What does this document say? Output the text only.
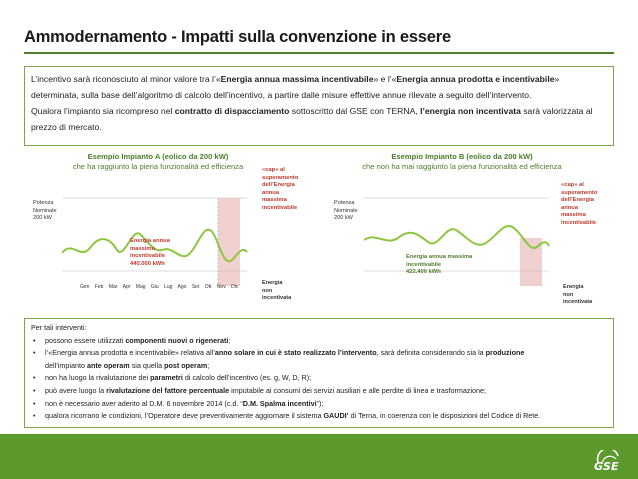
Ammodernamento - Impatti sulla convenzione in essere
L’incentivo sarà riconosciuto al minor valore tra l’«Energia annua massima incentivabile» e l’«Energia annua prodotta e incentivabile»
determinata, sulla base dell’algoritmo di calcolo dell’incentivo, a partire dalle misure effettive annue rilevate a seguito dell’intervento.
Qualora l’impianto sia ricompreso nel contratto di dispacciamento sottoscritto dal GSE con TERNA, l’energia non incentivata sarà valorizzata al
prezzo di mercato.
Esempio Impianto A (eolico da 200 kW)
che ha raggiunto la piena funzionalità ed efficienza
Potenza
Nominale
200 kW
Gen Feb Mar Apr Mag Giu Lug Ago Set Ott Nov Dic
Energia annua
massima
incentivabile
440.000 kWh
«cap» al
superamento
dell’Energia
annua
massima
incentivabile
Energia
non
incentivata
Esempio Impianto B (eolico da 200 kW)
che non ha mai raggiunto la piena funzionalità ed efficienza
Potenza
Nominale
200 kW
Energia annua massima
incentivabile
422.400 kWh
«cap» al
superamento
dell’Energia
annua
massima
incentivabile
Energia
non
incentivata

Per tali interventi:

• possono essere utilizzati componenti nuovi o rigenerati;
• l’«Energia annua prodotta e incentivabile» relativa all’anno solare in cui è stato realizzato l’intervento, sarà definita considerando sia la produzione
dell’impianto ante operam sia quella post operam;
• non ha luogo la rivalutazione dei parametri di calcolo dell’incentivo (es. g, W, D, R);
• può avere luogo la rivalutazione del fattore percentuale imputabile ai consumi dei servizi ausiliari e alle perdite di linea e trasformazione;
• non è necessario aver aderito al D.M. 6 novembre 2014 (c.d. “D.M. Spalma incentivi”);
• qualora ricorrano le condizioni, l’Operatore deve preventivamente aggiornare il sistema GAUDI’ di Terna, in coerenza con le disposizioni del Codice di Rete.
GSE
